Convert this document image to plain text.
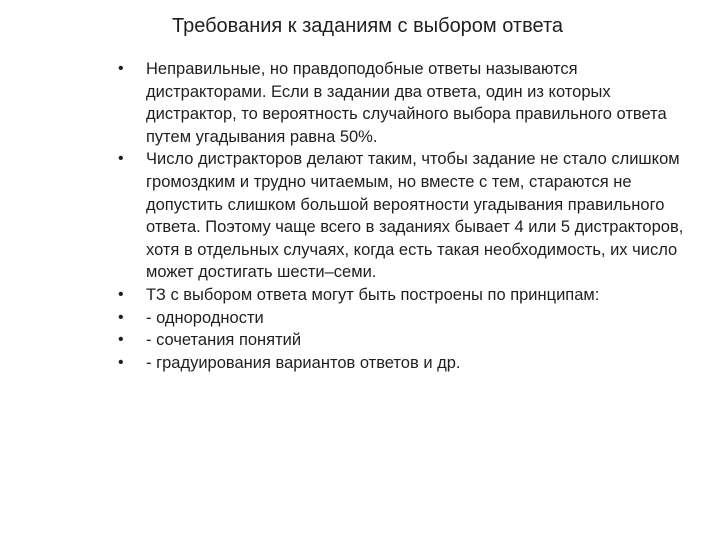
Требования к заданиям с выбором ответа
• Неправильные, но правдоподобные ответы называются дистракторами. Если в задании два ответа, один из которых дистрактор, то вероятность случайного выбора правильного ответа путем угадывания равна 50%.
• Число дистракторов делают таким, чтобы задание не стало слишком громоздким и трудно читаемым, но вместе с тем, стараются не допустить слишком большой вероятности угадывания правильного ответа. Поэтому чаще всего в заданиях бывает 4 или 5 дистракторов, хотя в отдельных случаях, когда есть такая необходимость, их число может достигать шести–семи.
• ТЗ с выбором ответа могут быть построены по принципам:
• - однородности
• - сочетания понятий
• - градуирования вариантов ответов и др.
